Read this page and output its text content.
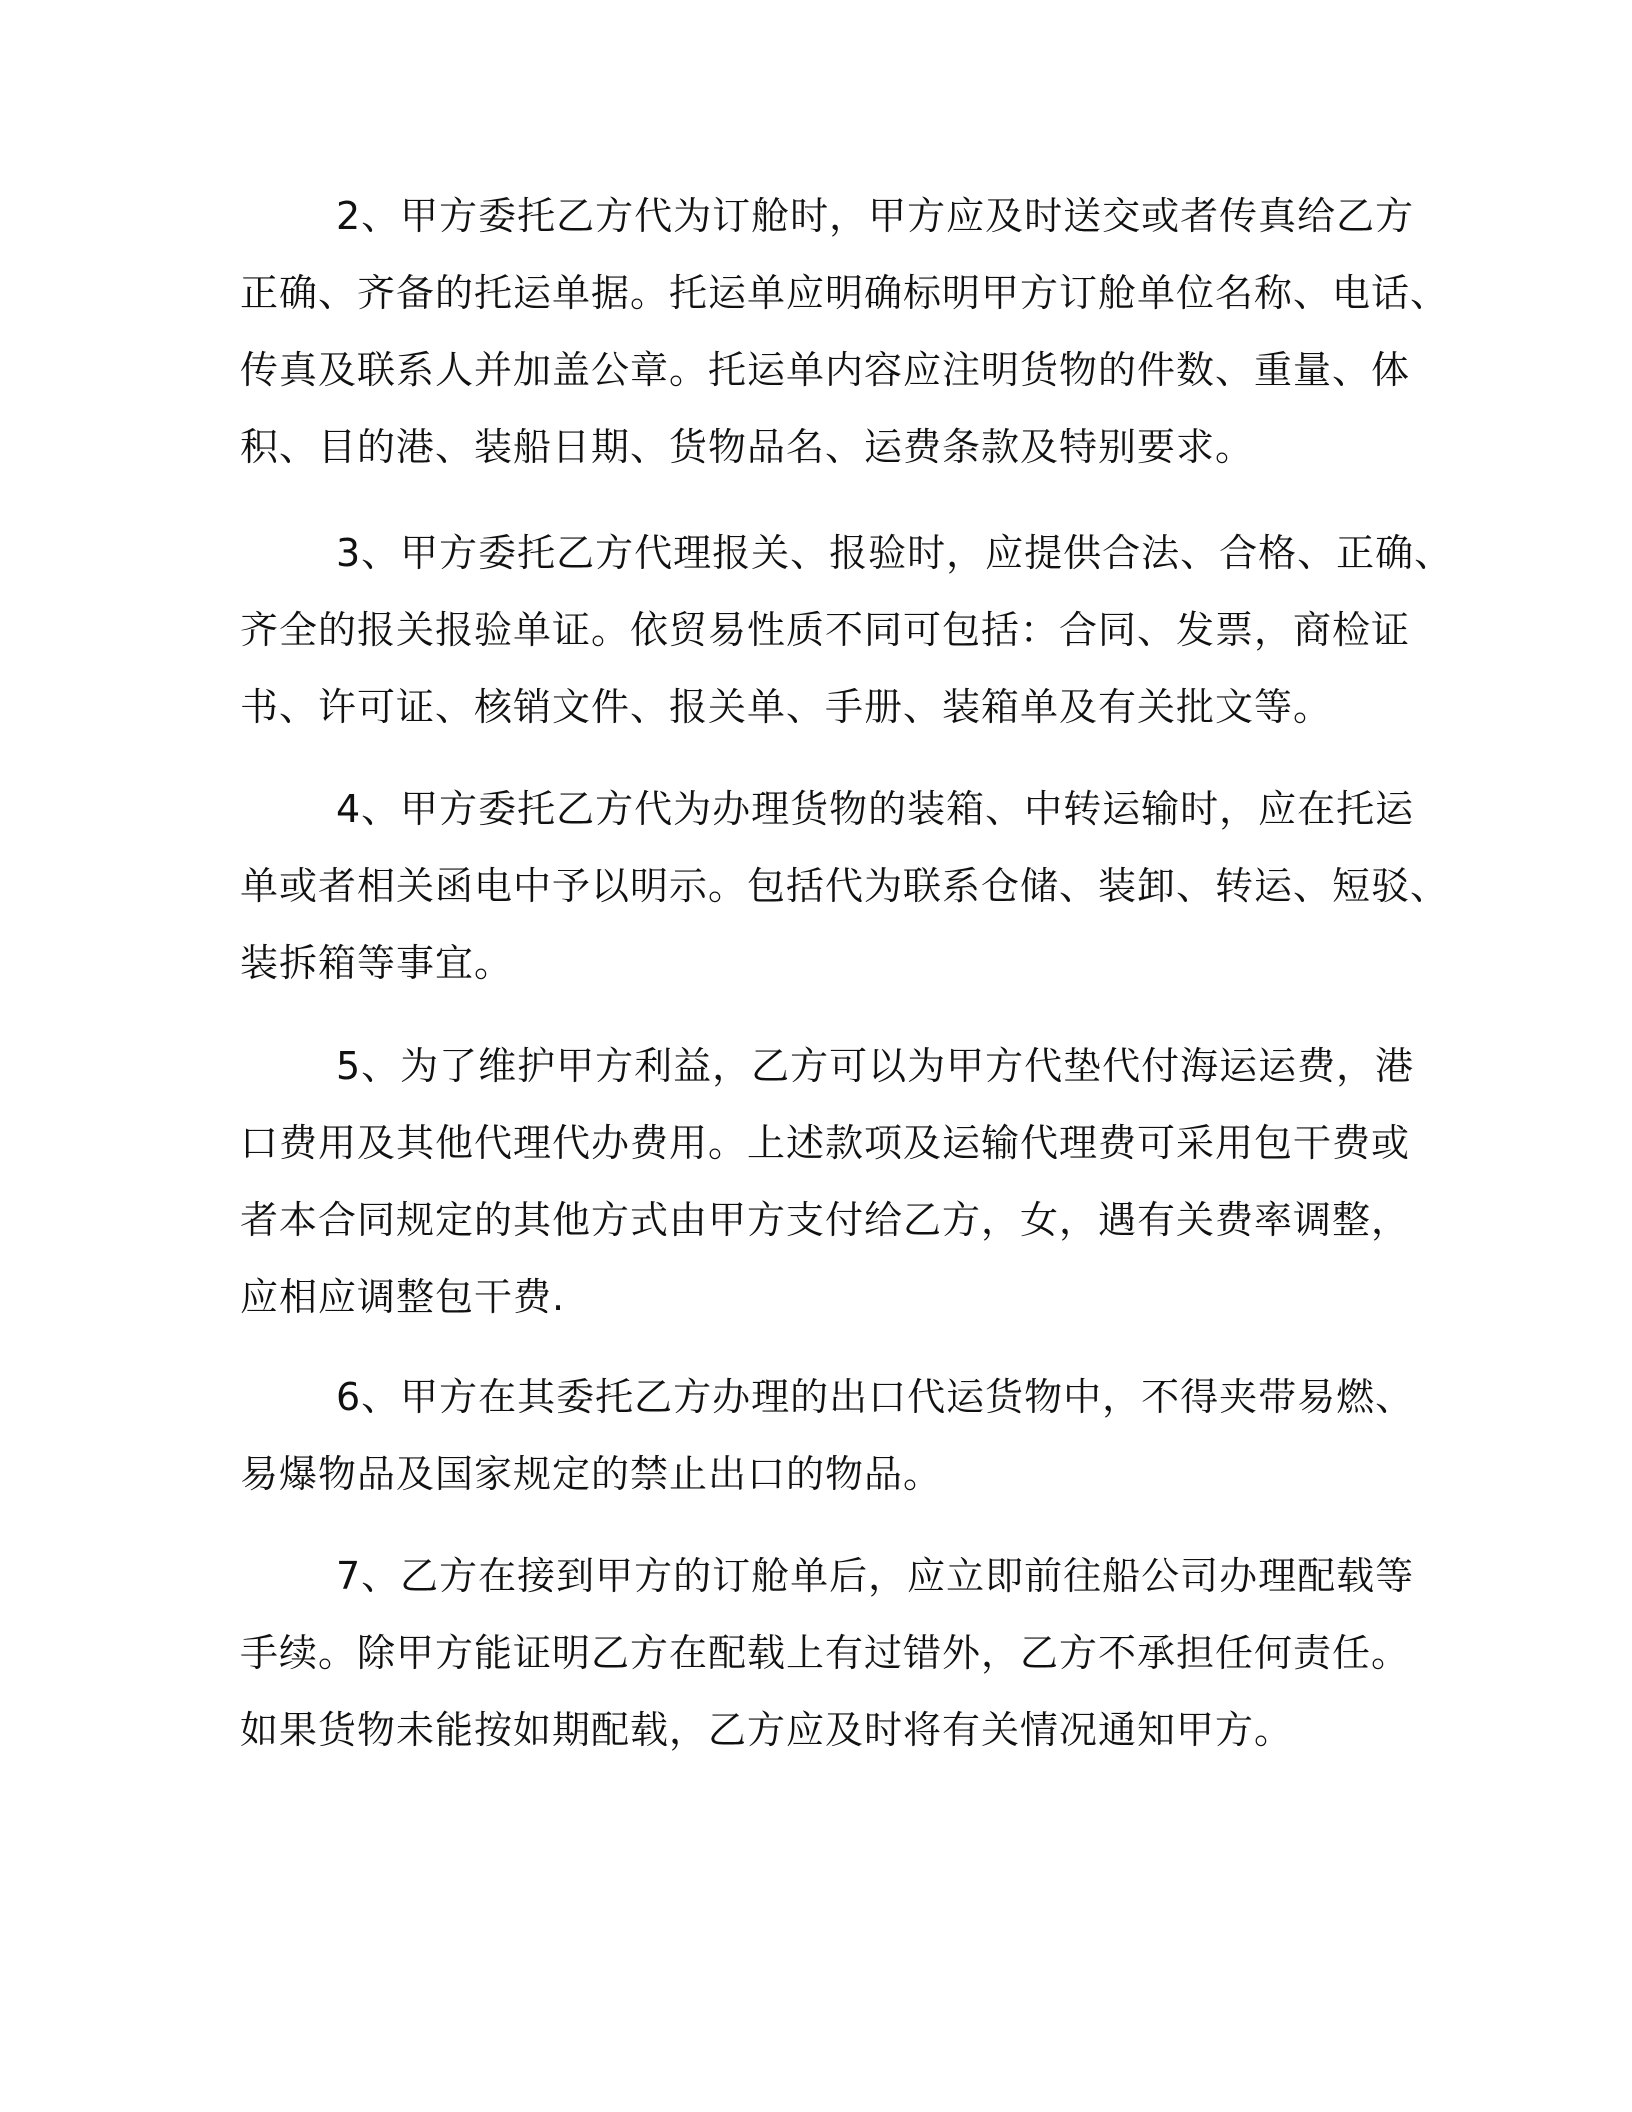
2、甲方委托乙方代为订舱时，甲方应及时送交或者传真给乙方
正确、齐备的托运单据。托运单应明确标明甲方订舱单位名称、电话、
传真及联系人并加盖公章。托运单内容应注明货物的件数、重量、体
积、目的港、装船日期、货物品名、运费条款及特别要求。
3、甲方委托乙方代理报关、报验时，应提供合法、合格、正确、
齐全的报关报验单证。依贸易性质不同可包括：合同、发票，商检证
书、许可证、核销文件、报关单、手册、装箱单及有关批文等。
4、甲方委托乙方代为办理货物的装箱、中转运输时，应在托运
单或者相关函电中予以明示。包括代为联系仓储、装卸、转运、短驳、
装拆箱等事宜。
5、为了维护甲方利益，乙方可以为甲方代垫代付海运运费，港
口费用及其他代理代办费用。上述款项及运输代理费可采用包干费或
者本合同规定的其他方式由甲方支付给乙方，女，遇有关费率调整，
应相应调整包干费.
6、甲方在其委托乙方办理的出口代运货物中，不得夹带易燃、
易爆物品及国家规定的禁止出口的物品。
7、乙方在接到甲方的订舱单后，应立即前往船公司办理配载等
手续。除甲方能证明乙方在配载上有过错外，乙方不承担任何责任。
如果货物未能按如期配载，乙方应及时将有关情况通知甲方。
